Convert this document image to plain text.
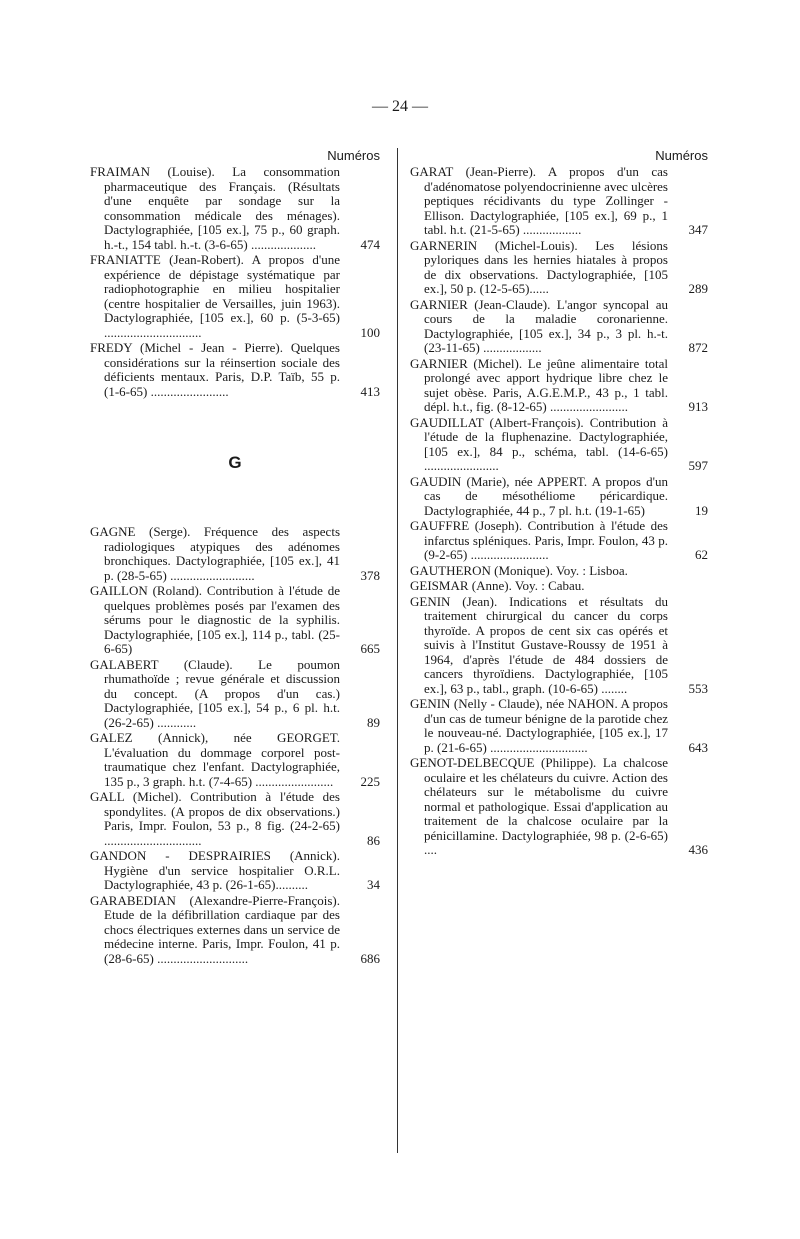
— 24 —
Numéros
FRAIMAN (Louise). La consommation pharmaceutique des Français. (Résultats d'une enquête par sondage sur la consommation médicale des ménages). Dactylographiée, [105 ex.], 75 p., 60 graph. h.-t., 154 tabl. h.-t. (3-6-65) ....................	474
FRANIATTE (Jean-Robert). A propos d'une expérience de dépistage systématique par radiophotographie en milieu hospitalier (centre hospitalier de Versailles, juin 1963). Dactylographiée, [105 ex.], 60 p. (5-3-65) ..............................	100
FREDY (Michel - Jean - Pierre). Quelques considérations sur la réinsertion sociale des déficients mentaux. Paris, D.P. Taïb, 55 p. (1-6-65) ........................	413
G
GAGNE (Serge). Fréquence des aspects radiologiques atypiques des adénomes bronchiques. Dactylographiée, [105 ex.], 41 p. (28-5-65) ..........................	378
GAILLON (Roland). Contribution à l'étude de quelques problèmes posés par l'examen des sérums pour le diagnostic de la syphilis. Dactylographiée, [105 ex.], 114 p., tabl. (25-6-65)	665
GALABERT (Claude). Le poumon rhumathoïde ; revue générale et discussion du concept. (A propos d'un cas.) Dactylographiée, [105 ex.], 54 p., 6 pl. h.t. (26-2-65) ............	89
GALEZ (Annick), née GEORGET. L'évaluation du dommage corporel post-traumatique chez l'enfant. Dactylographiée, 135 p., 3 graph. h.t. (7-4-65) ........................	225
GALL (Michel). Contribution à l'étude des spondylites. (A propos de dix observations.) Paris, Impr. Foulon, 53 p., 8 fig. (24-2-65) ..............................	86
GANDON - DESPRAIRIES (Annick). Hygiène d'un service hospitalier O.R.L. Dactylographiée, 43 p. (26-1-65)..........	34
GARABEDIAN (Alexandre-Pierre-François). Etude de la défibrillation cardiaque par des chocs électriques externes dans un service de médecine interne. Paris, Impr. Foulon, 41 p. (28-6-65) ............................	686
Numéros
GARAT (Jean-Pierre). A propos d'un cas d'adénomatose polyendocrinienne avec ulcères peptiques récidivants du type Zollinger - Ellison. Dactylographiée, [105 ex.], 69 p., 1 tabl. h.t. (21-5-65) ..................	347
GARNERIN (Michel-Louis). Les lésions pyloriques dans les hernies hiatales à propos de dix observations. Dactylographiée, [105 ex.], 50 p. (12-5-65)......	289
GARNIER (Jean-Claude). L'angor syncopal au cours de la maladie coronarienne. Dactylographiée, [105 ex.], 34 p., 3 pl. h.-t. (23-11-65) ..................	872
GARNIER (Michel). Le jeûne alimentaire total prolongé avec apport hydrique libre chez le sujet obèse. Paris, A.G.E.M.P., 43 p., 1 tabl. dépl. h.t., fig. (8-12-65) ........................	913
GAUDILLAT (Albert-François). Contribution à l'étude de la fluphenazine. Dactylographiée, [105 ex.], 84 p., schéma, tabl. (14-6-65) .......................	597
GAUDIN (Marie), née APPERT. A propos d'un cas de mésothéliome péricardique. Dactylographiée, 44 p., 7 pl. h.t. (19-1-65)	19
GAUFFRE (Joseph). Contribution à l'étude des infarctus spléniques. Paris, Impr. Foulon, 43 p. (9-2-65) ........................	62
GAUTHERON (Monique). Voy. : Lisboa.
GEISMAR (Anne). Voy. : Cabau.
GENIN (Jean). Indications et résultats du traitement chirurgical du cancer du corps thyroïde. A propos de cent six cas opérés et suivis à l'Institut Gustave-Roussy de 1951 à 1964, d'après l'étude de 484 dossiers de cancers thyroïdiens. Dactylographiée, [105 ex.], 63 p., tabl., graph. (10-6-65) ........	553
GENIN (Nelly - Claude), née NAHON. A propos d'un cas de tumeur bénigne de la parotide chez le nouveau-né. Dactylographiée, [105 ex.], 17 p. (21-6-65) ..............................	643
GENOT-DELBECQUE (Philippe). La chalcose oculaire et les chélateurs du cuivre. Action des chélateurs sur le métabolisme du cuivre normal et pathologique. Essai d'application au traitement de la chalcose oculaire par la pénicillamine. Dactylographiée, 98 p. (2-6-65) ....	436
